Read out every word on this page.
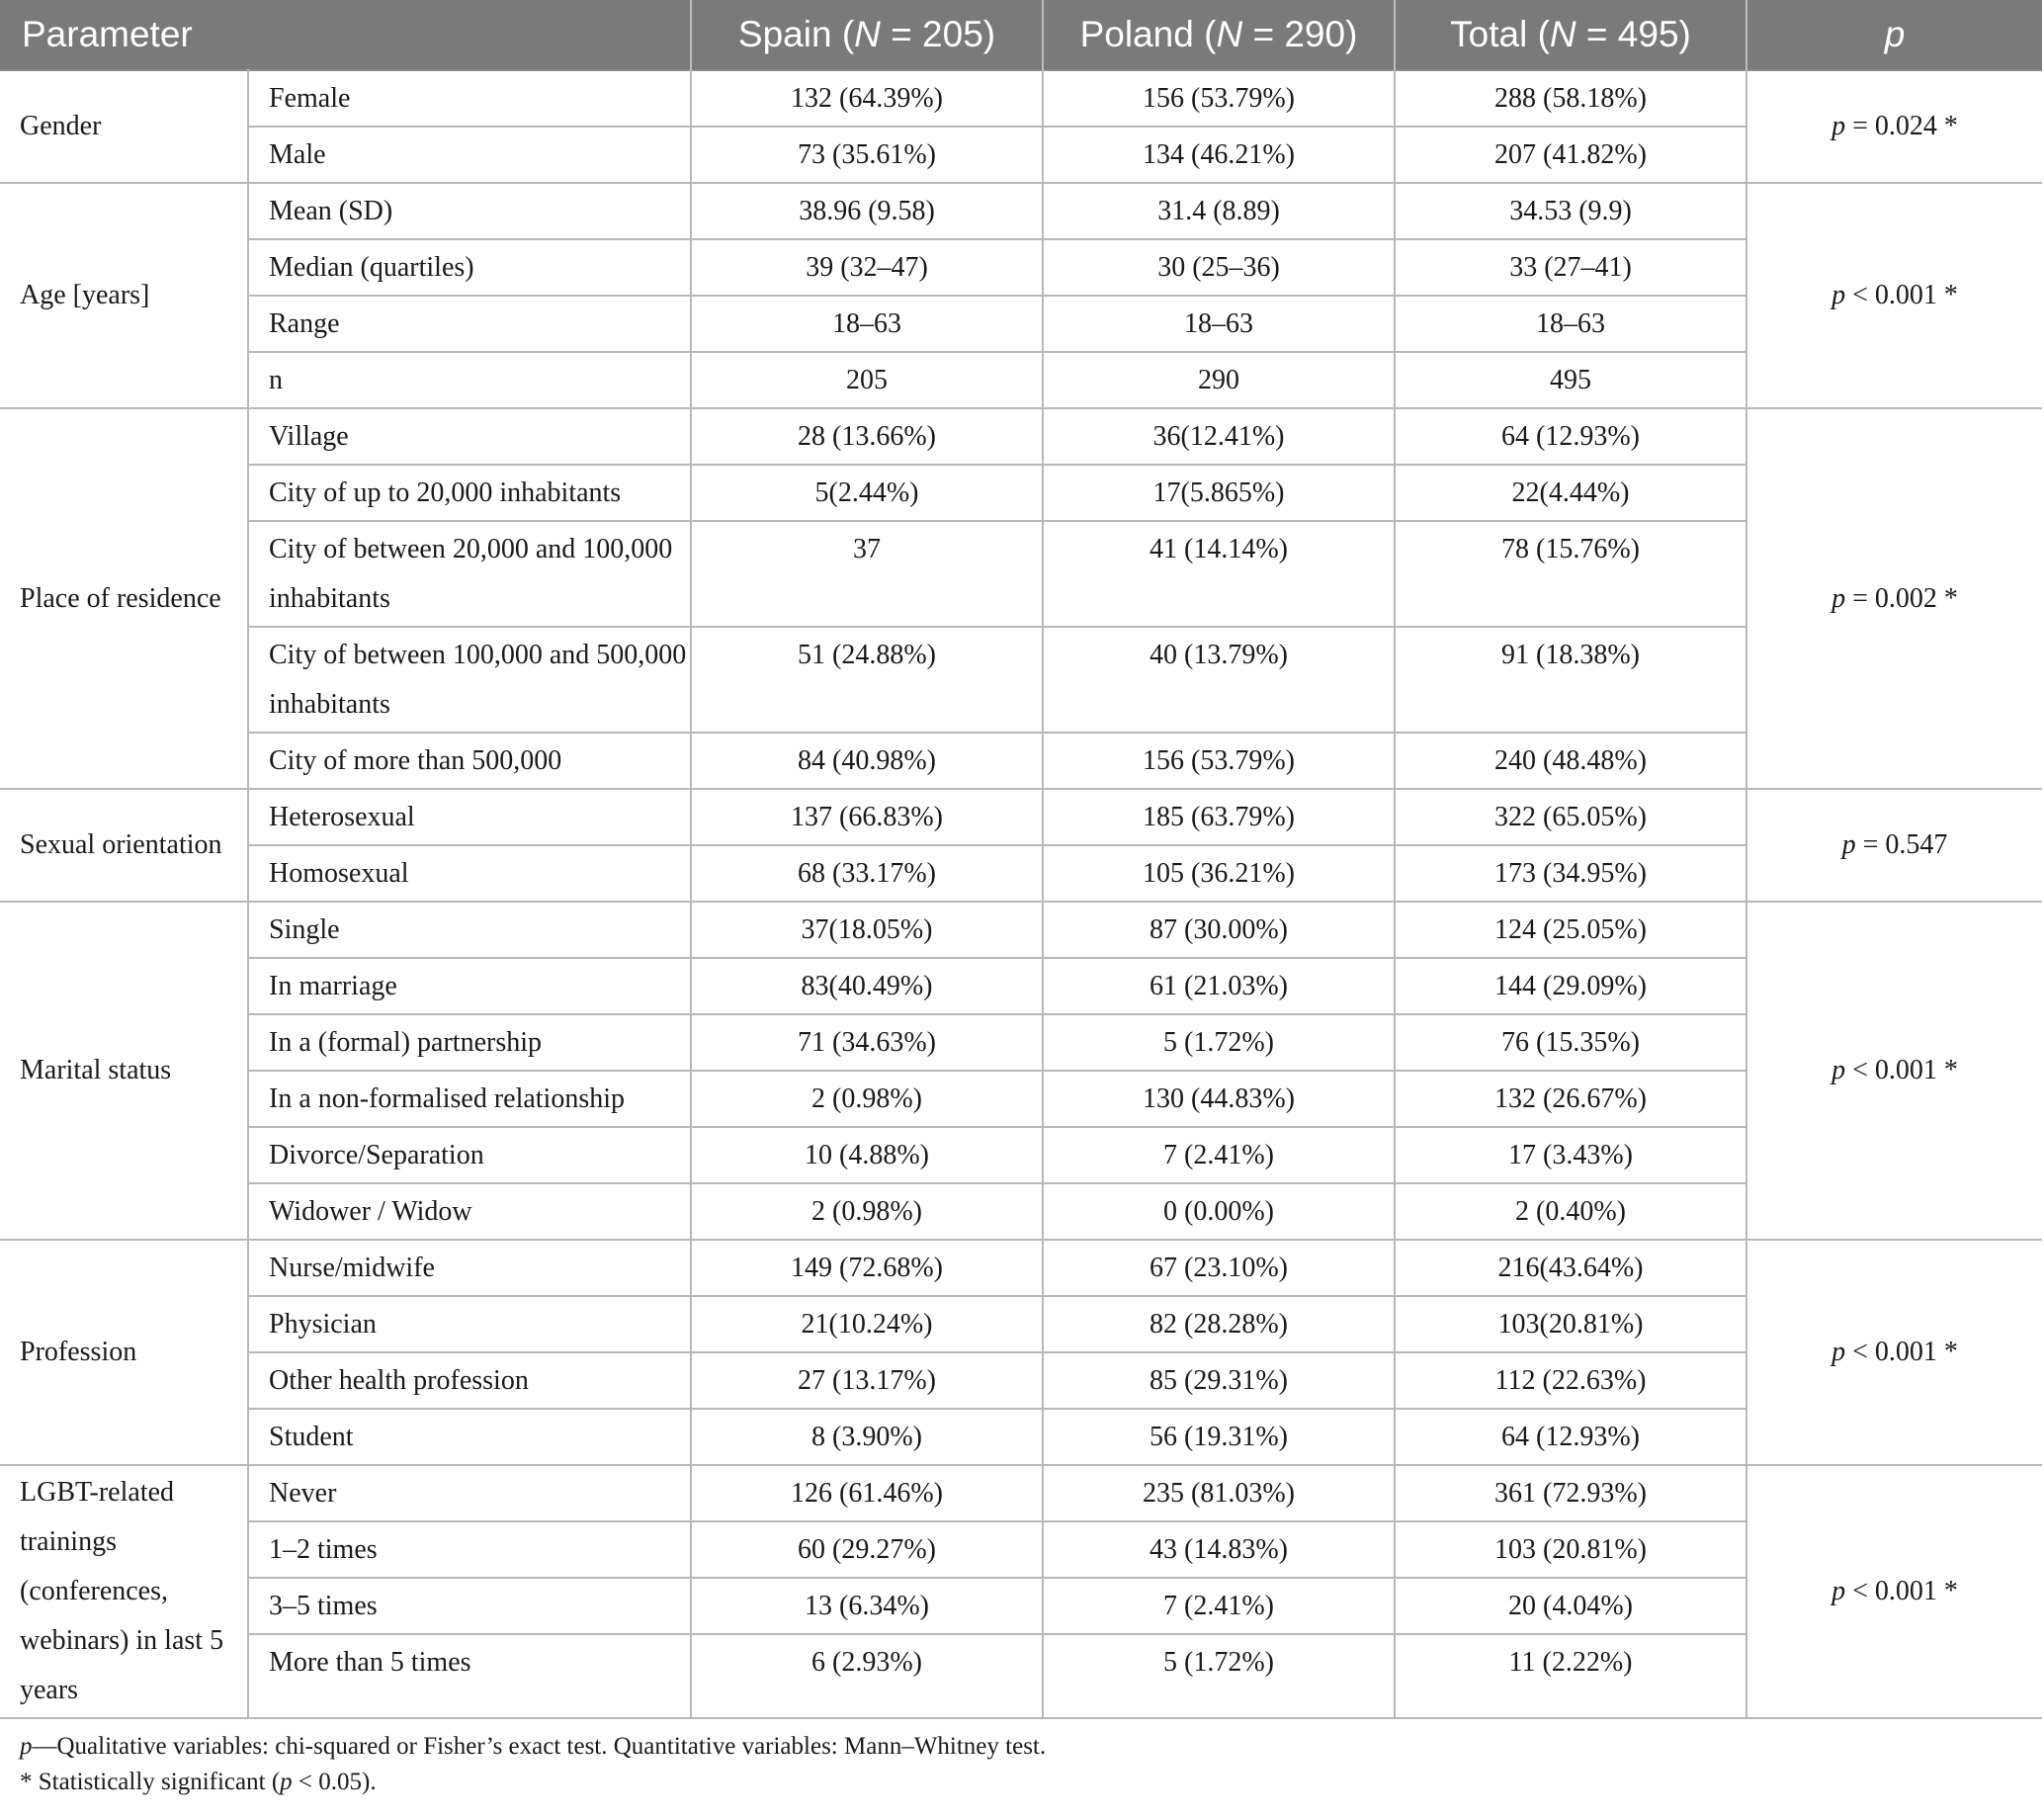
Parameter		Spain (N = 205)	Poland (N = 290)	Total (N = 495)	p
Gender	Female	132 (64.39%)	156 (53.79%)	288 (58.18%)	p = 0.024 *
	Male	73 (35.61%)	134 (46.21%)	207 (41.82%)	
Age [years]	Mean (SD)	38.96 (9.58)	31.4 (8.89)	34.53 (9.9)	p < 0.001 *
	Median (quartiles)	39 (32–47)	30 (25–36)	33 (27–41)	
	Range	18–63	18–63	18–63	
	n	205	290	495	
Place of residence	Village	28 (13.66%)	36(12.41%)	64 (12.93%)	p = 0.002 *
	City of up to 20,000 inhabitants	5(2.44%)	17(5.865%)	22(4.44%)	
	City of between 20,000 and 100,000 inhabitants	37	41 (14.14%)	78 (15.76%)	
	City of between 100,000 and 500,000 inhabitants	51 (24.88%)	40 (13.79%)	91 (18.38%)	
	City of more than 500,000	84 (40.98%)	156 (53.79%)	240 (48.48%)	
Sexual orientation	Heterosexual	137 (66.83%)	185 (63.79%)	322 (65.05%)	p = 0.547
	Homosexual	68 (33.17%)	105 (36.21%)	173 (34.95%)	
Marital status	Single	37(18.05%)	87 (30.00%)	124 (25.05%)	p < 0.001 *
	In marriage	83(40.49%)	61 (21.03%)	144 (29.09%)	
	In a (formal) partnership	71 (34.63%)	5 (1.72%)	76 (15.35%)	
	In a non-formalised relationship	2 (0.98%)	130 (44.83%)	132 (26.67%)	
	Divorce/Separation	10 (4.88%)	7 (2.41%)	17 (3.43%)	
	Widower / Widow	2 (0.98%)	0 (0.00%)	2 (0.40%)	
Profession	Nurse/midwife	149 (72.68%)	67 (23.10%)	216(43.64%)	p < 0.001 *
	Physician	21(10.24%)	82 (28.28%)	103(20.81%)	
	Other health profession	27 (13.17%)	85 (29.31%)	112 (22.63%)	
	Student	8 (3.90%)	56 (19.31%)	64 (12.93%)	
LGBT-related trainings (conferences, webinars) in last 5 years	Never	126 (61.46%)	235 (81.03%)	361 (72.93%)	p < 0.001 *
	1–2 times	60 (29.27%)	43 (14.83%)	103 (20.81%)	
	3–5 times	13 (6.34%)	7 (2.41%)	20 (4.04%)	
	More than 5 times	6 (2.93%)	5 (1.72%)	11 (2.22%)	
p—Qualitative variables: chi-squared or Fisher’s exact test. Quantitative variables: Mann–Whitney test.
* Statistically significant (p < 0.05).
